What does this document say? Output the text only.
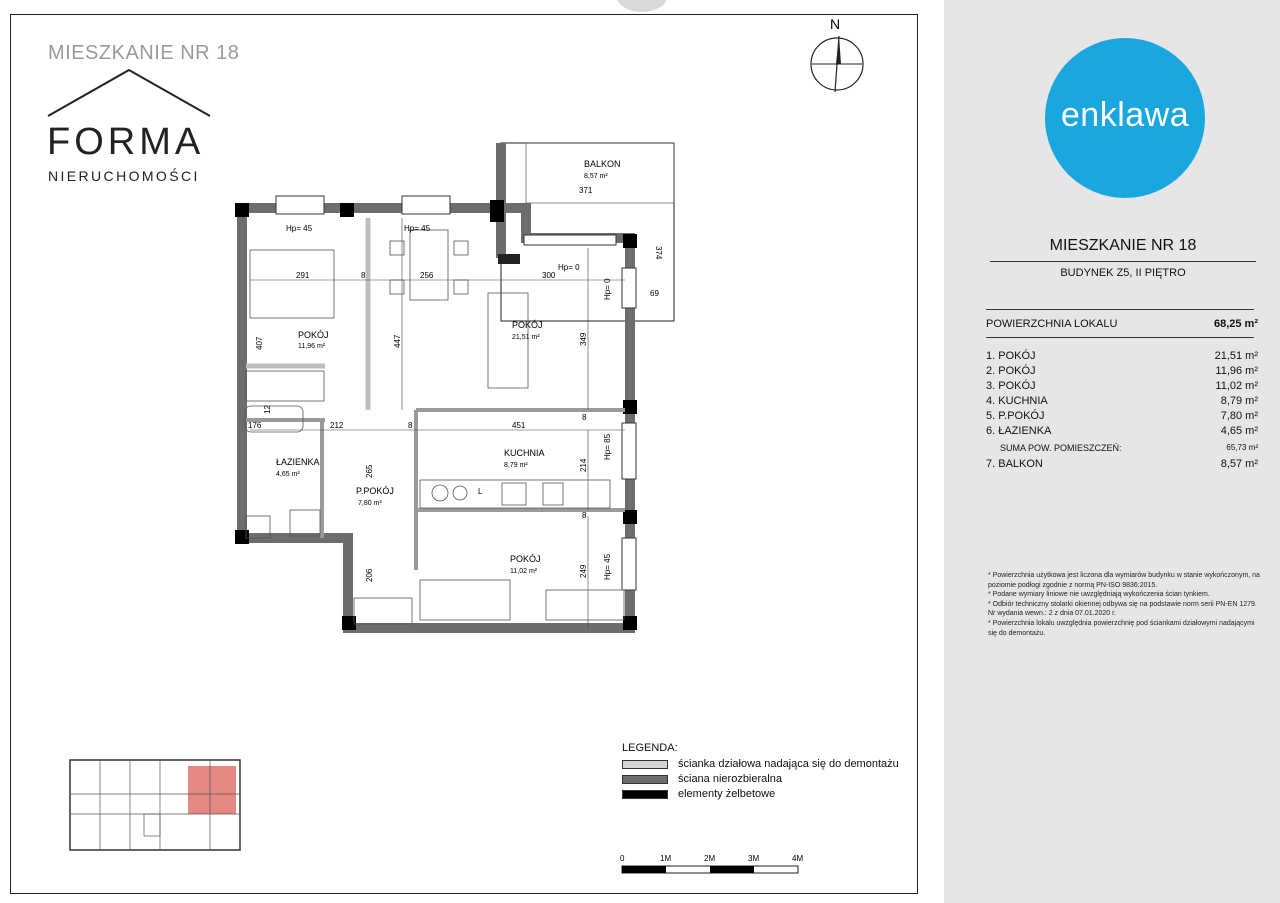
MIESZKANIE NR 18
FORMA
NIERUCHOMOŚCI
N
BALKON
8,57 m²
POKÓJ
11,96 m²
POKÓJ
21,51 m²
ŁAZIENKA
4,65 m²
P.POKÓJ
7,80 m²
KUCHNIA
8,79 m²
POKÓJ
11,02 m²
Hp= 45	Hp= 45
Hp= 0
Hp= 0
Hp= 85
Hp= 45
371
374
69
291	8	256	300
407	447	349
176	212	8	451
8
265	214
8
249
206
12
L
LEGENDA:
ścianka działowa nadająca się do demontażu
ściana nierozbieralna
elementy żelbetowe
0	1M	2M	3M	4M
enklawa
MIESZKANIE NR 18
BUDYNEK Z5, II PIĘTRO
POWIERZCHNIA LOKALU	68,25 m²
1. POKÓJ	21,51 m²
2. POKÓJ	11,96 m²
3. POKÓJ	11,02 m²
4. KUCHNIA	8,79 m²
5. P.POKÓJ	7,80 m²
6. ŁAZIENKA	4,65 m²
SUMA POW. POMIESZCZEŃ:	65,73 m²
7. BALKON	8,57 m²
* Powierzchnia użytkowa jest liczona dla wymiarów budynku w stanie wykończonym, na poziomie podłogi zgodnie z normą PN-ISO 9836:2015.
* Podane wymiary liniowe nie uwzględniają wykończenia ścian tynkiem.
* Odbiór techniczny stolarki okiennej odbywa się na podstawie norm serii PN-EN 1279. Nr wydania wewn.: 2 z dnia 07.01.2020 r.
* Powierzchnia lokalu uwzględnia powierzchnię pod ściankami działowymi nadającymi się do demontażu.
